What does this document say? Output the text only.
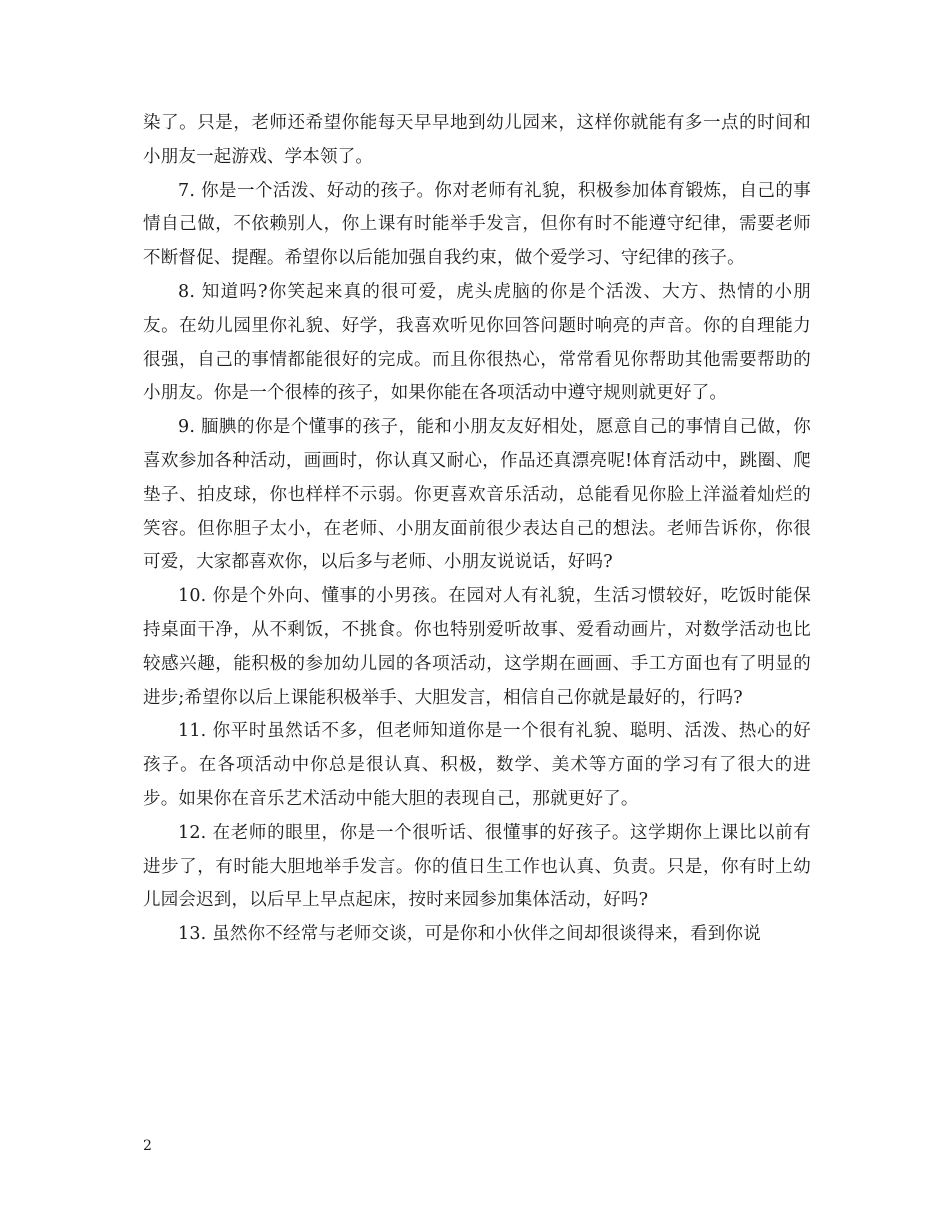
染了。只是，老师还希望你能每天早早地到幼儿园来，这样你就能有多一点的时间和小朋友一起游戏、学本领了。

7. 你是一个活泼、好动的孩子。你对老师有礼貌，积极参加体育锻炼，自己的事情自己做，不依赖别人，你上课有时能举手发言，但你有时不能遵守纪律，需要老师不断督促、提醒。希望你以后能加强自我约束，做个爱学习、守纪律的孩子。

8. 知道吗?你笑起来真的很可爱，虎头虎脑的你是个活泼、大方、热情的小朋友。在幼儿园里你礼貌、好学，我喜欢听见你回答问题时响亮的声音。你的自理能力很强，自己的事情都能很好的完成。而且你很热心，常常看见你帮助其他需要帮助的小朋友。你是一个很棒的孩子，如果你能在各项活动中遵守规则就更好了。

9. 腼腆的你是个懂事的孩子，能和小朋友友好相处，愿意自己的事情自己做，你喜欢参加各种活动，画画时，你认真又耐心，作品还真漂亮呢!体育活动中，跳圈、爬垫子、拍皮球，你也样样不示弱。你更喜欢音乐活动，总能看见你脸上洋溢着灿烂的笑容。但你胆子太小，在老师、小朋友面前很少表达自己的想法。老师告诉你，你很可爱，大家都喜欢你，以后多与老师、小朋友说说话，好吗?

10. 你是个外向、懂事的小男孩。在园对人有礼貌，生活习惯较好，吃饭时能保持桌面干净，从不剩饭，不挑食。你也特别爱听故事、爱看动画片，对数学活动也比较感兴趣，能积极的参加幼儿园的各项活动，这学期在画画、手工方面也有了明显的进步;希望你以后上课能积极举手、大胆发言，相信自己你就是最好的，行吗?

11. 你平时虽然话不多，但老师知道你是一个很有礼貌、聪明、活泼、热心的好孩子。在各项活动中你总是很认真、积极，数学、美术等方面的学习有了很大的进步。如果你在音乐艺术活动中能大胆的表现自己，那就更好了。

12. 在老师的眼里，你是一个很听话、很懂事的好孩子。这学期你上课比以前有进步了，有时能大胆地举手发言。你的值日生工作也认真、负责。只是，你有时上幼儿园会迟到，以后早上早点起床，按时来园参加集体活动，好吗?

13. 虽然你不经常与老师交谈，可是你和小伙伴之间却很谈得来，看到你说

2
